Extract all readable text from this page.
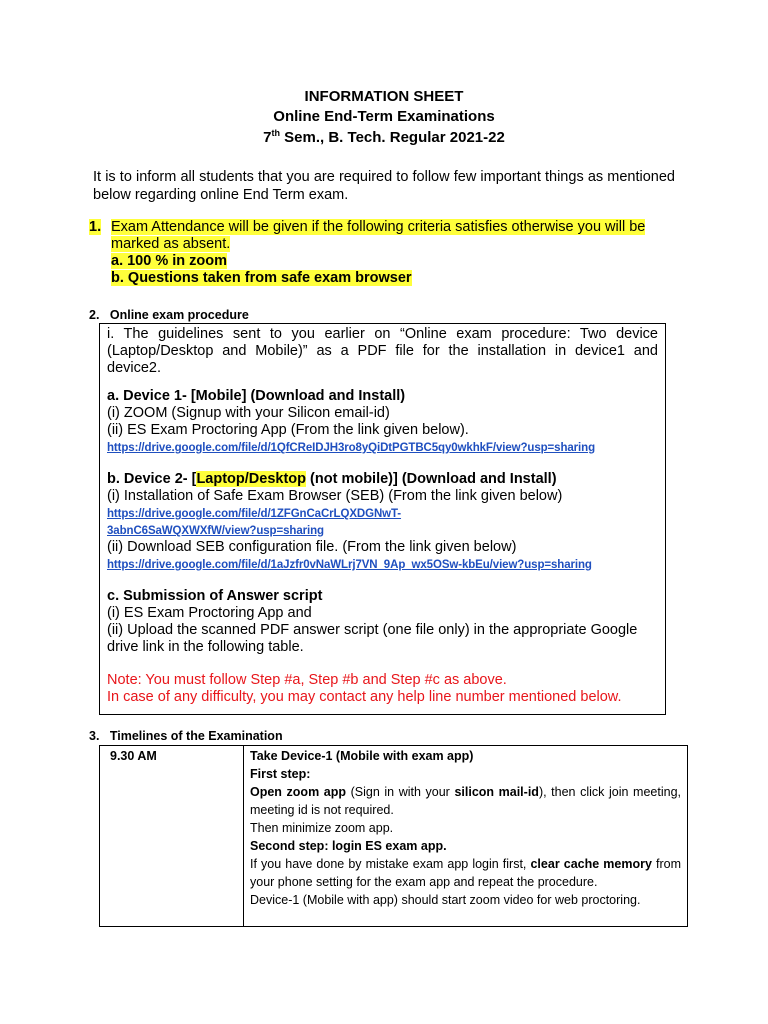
INFORMATION SHEET
Online End-Term Examinations
7th Sem., B. Tech. Regular 2021-22
It is to inform all students that you are required to follow few important things as mentioned below regarding online End Term exam.
1. Exam Attendance will be given if the following criteria satisfies otherwise you will be marked as absent.
a. 100 % in zoom
b. Questions taken from safe exam browser
2. Online exam procedure

i. The guidelines sent to you earlier on “Online exam procedure: Two device (Laptop/Desktop and Mobile)” as a PDF file for the installation in device1 and device2.

a. Device 1- [Mobile] (Download and Install)

(i) ZOOM (Signup with your Silicon email-id)

(ii) ES Exam Proctoring App (From the link given below).

https://drive.google.com/file/d/1QfCReIDJH3ro8yQiDtPGTBC5qy0wkhkF/view?usp=sharing

b. Device 2- [Laptop/Desktop (not mobile)] (Download and Install)

(i) Installation of Safe Exam Browser (SEB) (From the link given below)

https://drive.google.com/file/d/1ZFGnCaCrLQXDGNwT-
3abnC6SaWQXWXfW/view?usp=sharing

(ii) Download SEB configuration file. (From the link given below)

https://drive.google.com/file/d/1aJzfr0vNaWLrj7VN_9Ap_wx5OSw-kbEu/view?usp=sharing

c. Submission of Answer script

(i) ES Exam Proctoring App and

(ii) Upload the scanned PDF answer script (one file only) in the appropriate Google drive link in the following table.

Note: You must follow Step #a, Step #b and Step #c as above.

In case of any difficulty, you may contact any help line number mentioned below.

3. Timelines of the Examination
9.30 AM	Take Device-1 (Mobile with exam app)
First step:
Open zoom app (Sign in with your silicon mail-id), then click join meeting, meeting id is not required.
Then minimize zoom app.
Second step: login ES exam app.
If you have done by mistake exam app login first, clear cache memory from your phone setting for the exam app and repeat the procedure.
Device-1 (Mobile with app) should start zoom video for web proctoring.
